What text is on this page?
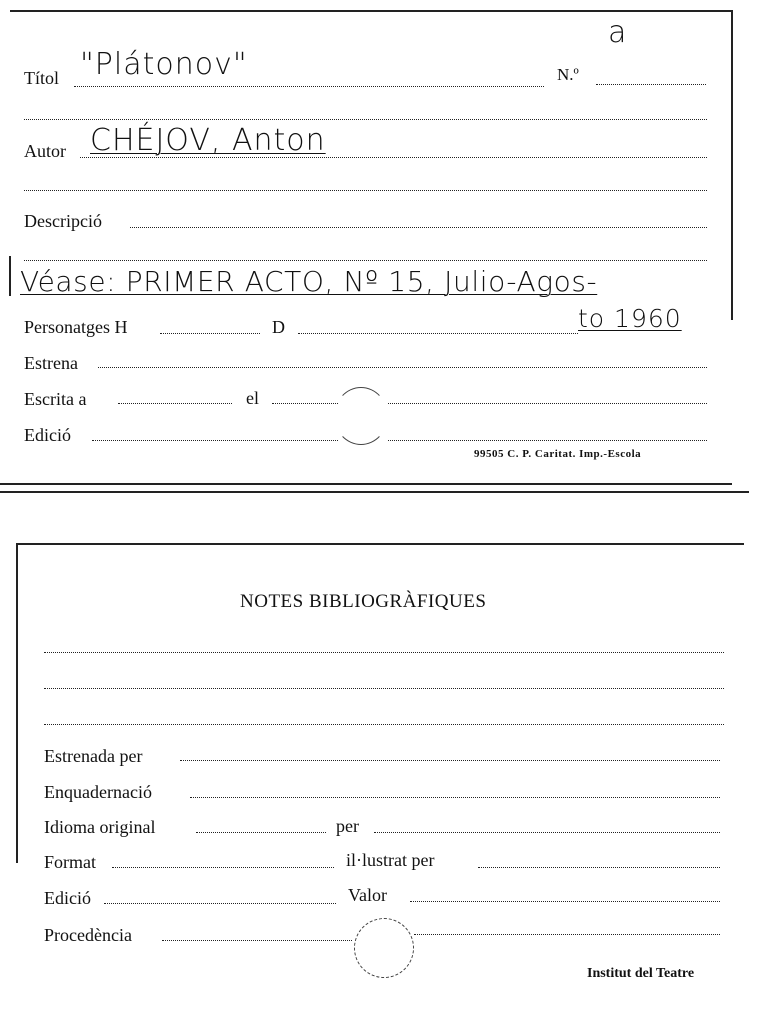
a
Títol "Plátonov"	N.º
Autor CHÉJOV, Anton
Descripció
Véase: PRIMER ACTO, Nº 15, Julio-Agos-
to 1960
Personatges H	D
Estrena
Escrita a	el
Edició
99505 C. P. Caritat. Imp.-Escola
NOTES BIBLIOGRÀFIQUES
Estrenada per
Enquadernació
Idioma original	per
Format	il·lustrat per
Edició	Valor
Procedència
Institut del Teatre
